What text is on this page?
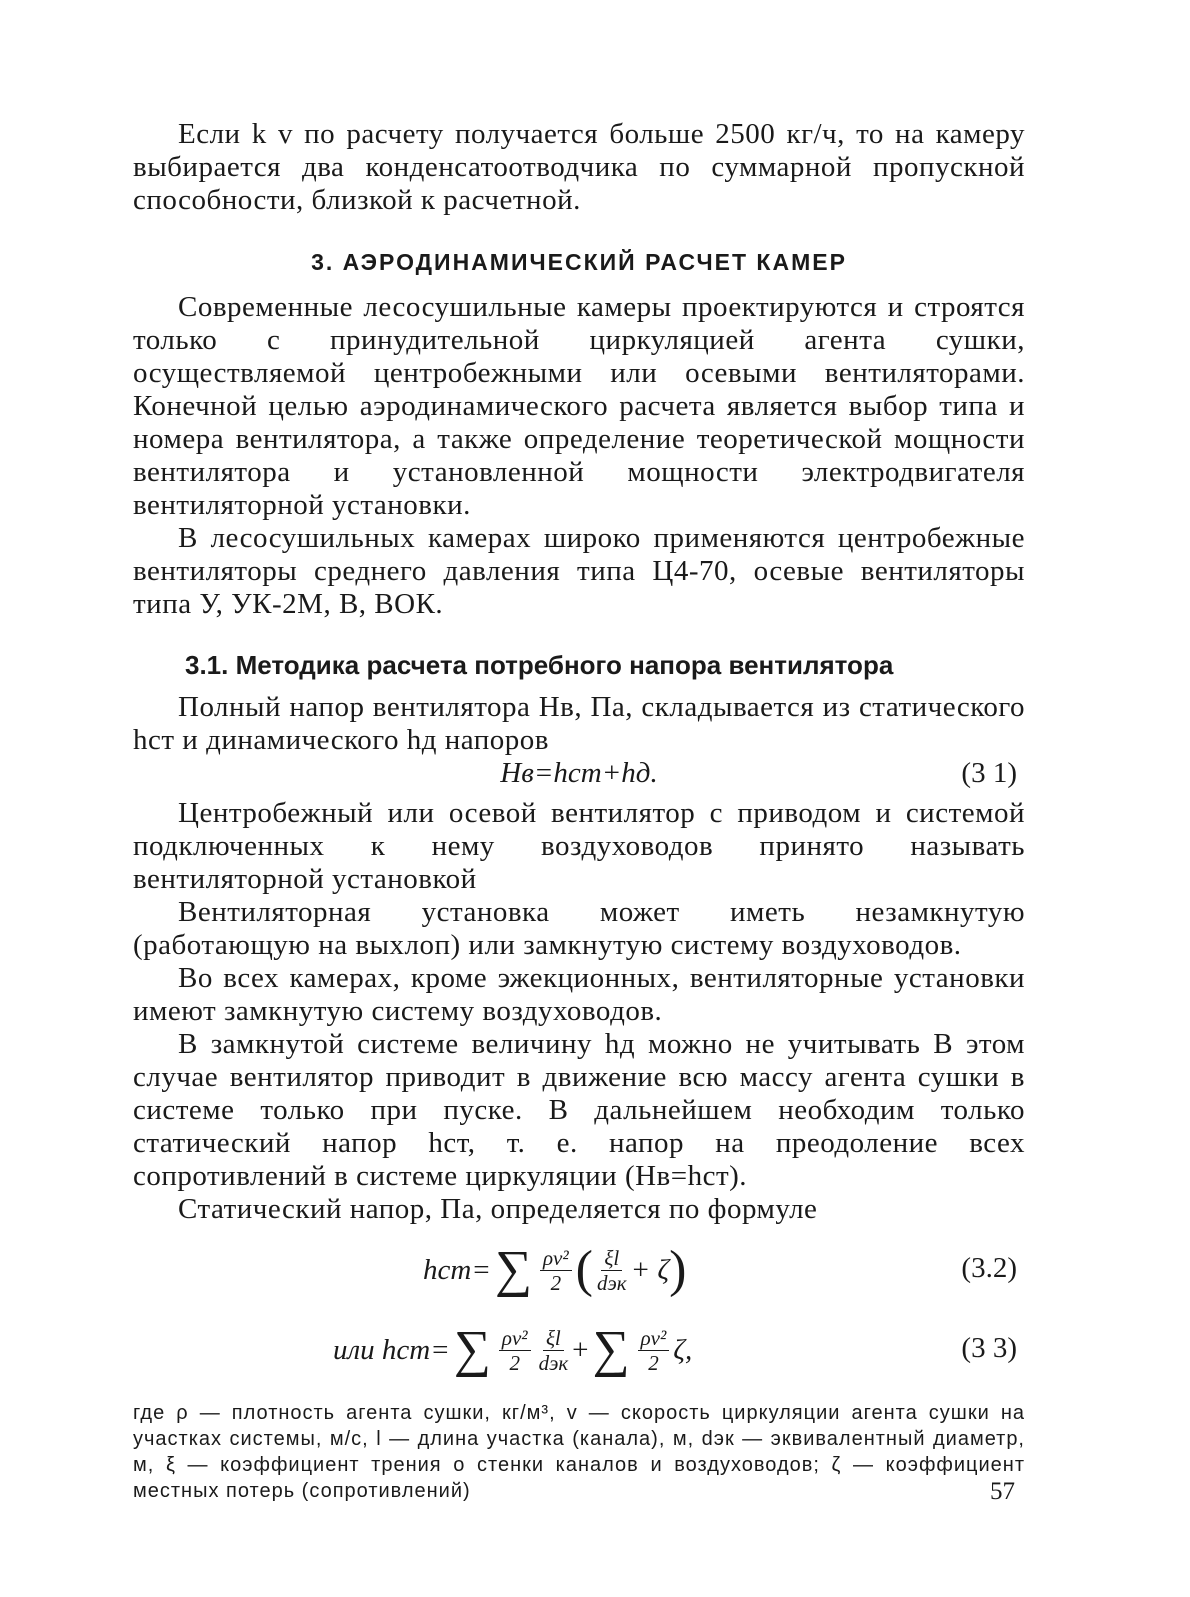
Если k v по расчету получается больше 2500 кг/ч, то на камеру выбирается два конденсатоотводчика по суммарной пропускной способности, близкой к расчетной.

3. АЭРОДИНАМИЧЕСКИЙ РАСЧЕТ КАМЕР

Современные лесосушильные камеры проектируются и строятся только с принудительной циркуляцией агента сушки, осуществляемой центробежными или осевыми вентиляторами. Конечной целью аэродинамического расчета является выбор типа и номера вентилятора, а также определение теоретической мощности вентилятора и установленной мощности электродвигателя вентиляторной установки.

В лесосушильных камерах широко применяются центробежные вентиляторы среднего давления типа Ц4-70, осевые вентиляторы типа У, УК-2М, В, ВОК.

3.1. Методика расчета потребного напора вентилятора

Полный напор вентилятора Нв, Па, складывается из статического hст и динамического hд напоров

Нв=hст+hд.	(3 1)

Центробежный или осевой вентилятор с приводом и системой подключенных к нему воздуховодов принято называть вентиляторной установкой

Вентиляторная установка может иметь незамкнутую (работающую на выхлоп) или замкнутую систему воздуховодов.

Во всех камерах, кроме эжекционных, вентиляторные установки имеют замкнутую систему воздуховодов.

В замкнутой системе величину hд можно не учитывать В этом случае вентилятор приводит в движение всю массу агента сушки в системе только при пуске. В дальнейшем необходим только статический напор hст, т. е. напор на преодоление всех сопротивлений в системе циркуляции (Нв=hст).

Статический напор, Па, определяется по формуле

hст= ∑ $\frac{\text{ρv²}}{2}$ ( $\frac{\xi l}{\text{dэк}} + \zeta$ )	(3.2)
или hст= ∑ $\frac{\text{ρv²}}{2} \frac{\xi l}{\text{dэк}}$ + ∑ $\frac{\text{ρv²}}{2} \zeta$,	(3 3)

где ρ — плотность агента сушки, кг/м³, v — скорость циркуляции агента сушки на участках системы, м/с, l — длина участка (канала), м, dэк — эквивалентный диаметр, м, ξ — коэффициент трения о стенки каналов и воздуховодов; ζ — коэффициент местных потерь (сопротивлений)	57
